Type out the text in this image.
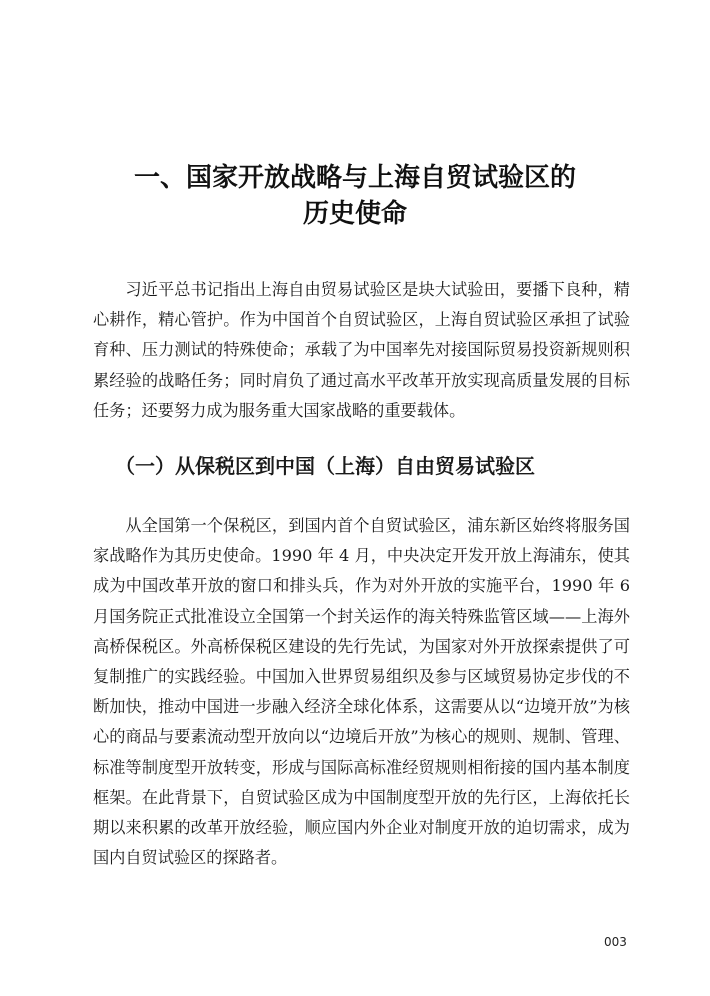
一、国家开放战略与上海自贸试验区的
历史使命

习近平总书记指出上海自由贸易试验区是块大试验田，要播下良种，精心耕作，精心管护。作为中国首个自贸试验区，上海自贸试验区承担了试验育种、压力测试的特殊使命；承载了为中国率先对接国际贸易投资新规则积累经验的战略任务；同时肩负了通过高水平改革开放实现高质量发展的目标任务；还要努力成为服务重大国家战略的重要载体。

（一）从保税区到中国（上海）自由贸易试验区

从全国第一个保税区，到国内首个自贸试验区，浦东新区始终将服务国家战略作为其历史使命。1990 年 4 月，中央决定开发开放上海浦东，使其成为中国改革开放的窗口和排头兵，作为对外开放的实施平台，1990 年 6 月国务院正式批准设立全国第一个封关运作的海关特殊监管区域——上海外高桥保税区。外高桥保税区建设的先行先试，为国家对外开放探索提供了可复制推广的实践经验。中国加入世界贸易组织及参与区域贸易协定步伐的不断加快，推动中国进一步融入经济全球化体系，这需要从以“边境开放”为核心的商品与要素流动型开放向以“边境后开放”为核心的规则、规制、管理、标准等制度型开放转变，形成与国际高标准经贸规则相衔接的国内基本制度框架。在此背景下，自贸试验区成为中国制度型开放的先行区，上海依托长期以来积累的改革开放经验，顺应国内外企业对制度开放的迫切需求，成为国内自贸试验区的探路者。

003
